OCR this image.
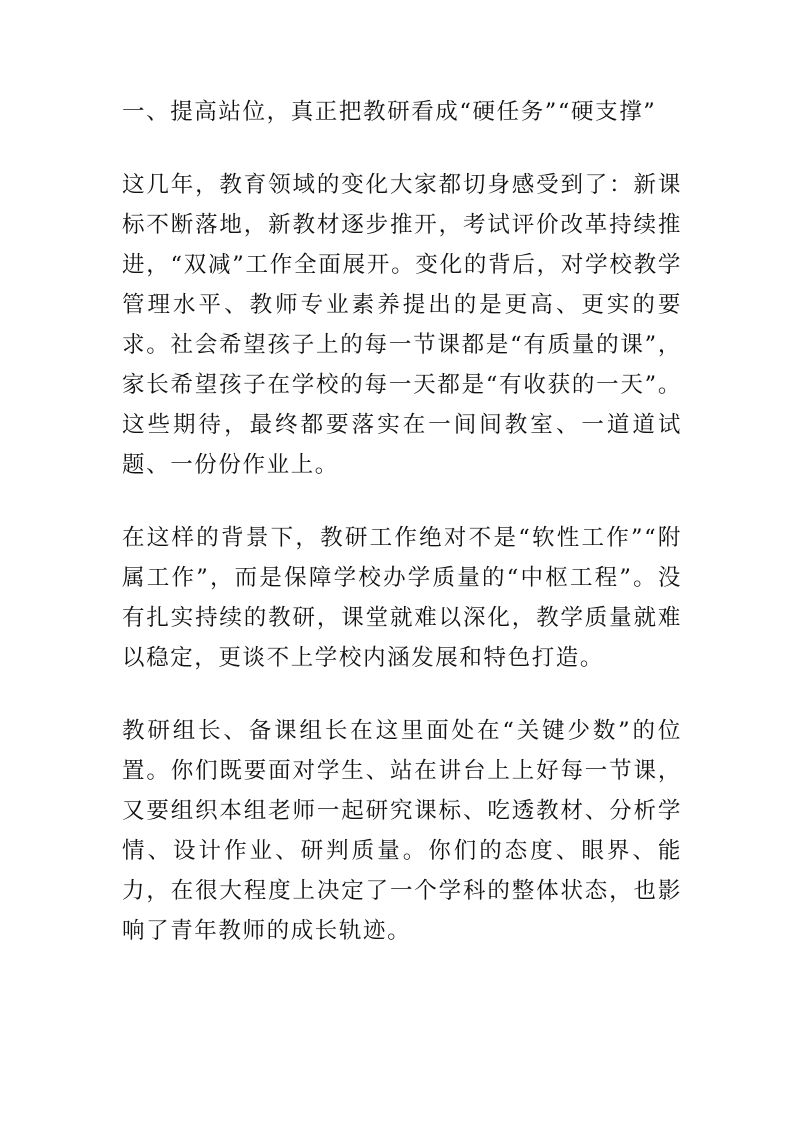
一、提高站位，真正把教研看成“硬任务”“硬支撑”

这几年，教育领域的变化大家都切身感受到了：新课标不断落地，新教材逐步推开，考试评价改革持续推进，“双减”工作全面展开。变化的背后，对学校教学管理水平、教师专业素养提出的是更高、更实的要求。社会希望孩子上的每一节课都是“有质量的课”，家长希望孩子在学校的每一天都是“有收获的一天”。这些期待，最终都要落实在一间间教室、一道道试题、一份份作业上。

在这样的背景下，教研工作绝对不是“软性工作”“附属工作”，而是保障学校办学质量的“中枢工程”。没有扎实持续的教研，课堂就难以深化，教学质量就难以稳定，更谈不上学校内涵发展和特色打造。

教研组长、备课组长在这里面处在“关键少数”的位置。你们既要面对学生、站在讲台上上好每一节课，又要组织本组老师一起研究课标、吃透教材、分析学情、设计作业、研判质量。你们的态度、眼界、能力，在很大程度上决定了一个学科的整体状态，也影响了青年教师的成长轨迹。
